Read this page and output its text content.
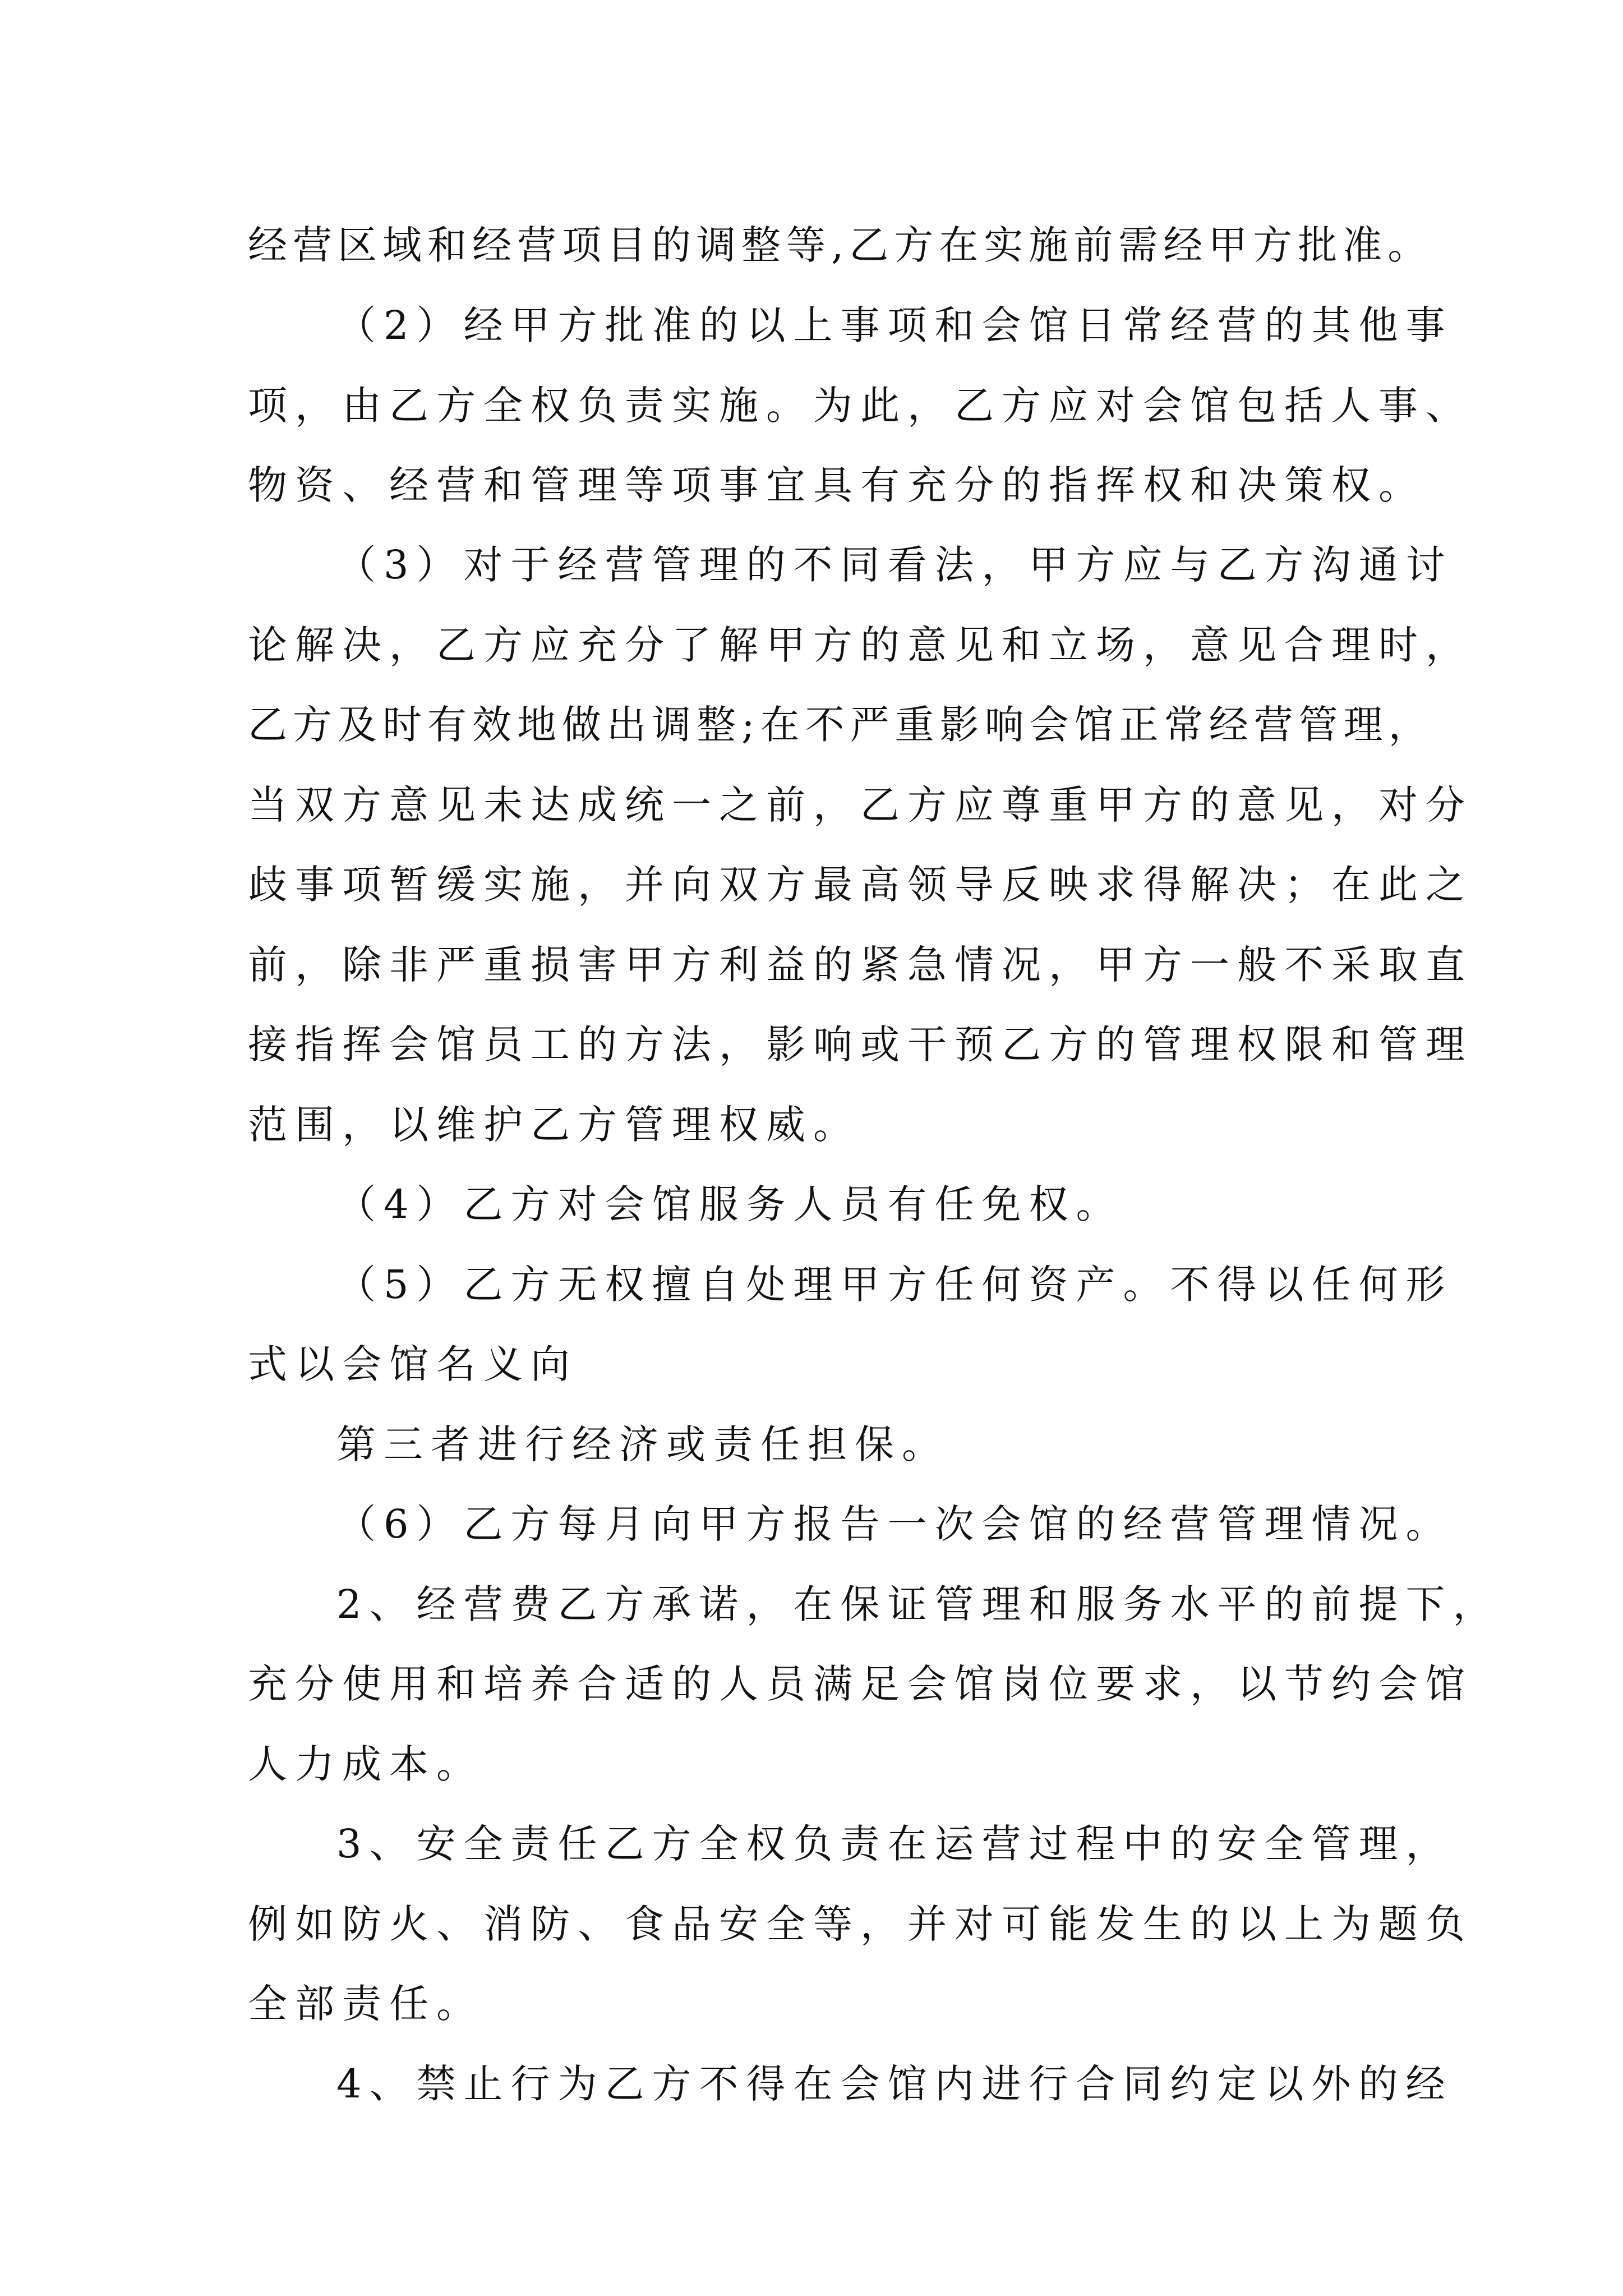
经营区域和经营项目的调整等,乙方在实施前需经甲方批准。
（2）经甲方批准的以上事项和会馆日常经营的其他事
项，由乙方全权负责实施。为此，乙方应对会馆包括人事、
物资、经营和管理等项事宜具有充分的指挥权和决策权。
（3）对于经营管理的不同看法，甲方应与乙方沟通讨
论解决，乙方应充分了解甲方的意见和立场，意见合理时，
乙方及时有效地做出调整;在不严重影响会馆正常经营管理，
当双方意见未达成统一之前，乙方应尊重甲方的意见，对分
歧事项暂缓实施，并向双方最高领导反映求得解决；在此之
前，除非严重损害甲方利益的紧急情况，甲方一般不采取直
接指挥会馆员工的方法，影响或干预乙方的管理权限和管理
范围，以维护乙方管理权威。
（4）乙方对会馆服务人员有任免权。
（5）乙方无权擅自处理甲方任何资产。不得以任何形
式以会馆名义向
第三者进行经济或责任担保。
（6）乙方每月向甲方报告一次会馆的经营管理情况。
2、经营费乙方承诺，在保证管理和服务水平的前提下，
充分使用和培养合适的人员满足会馆岗位要求，以节约会馆
人力成本。
3、安全责任乙方全权负责在运营过程中的安全管理，
例如防火、消防、食品安全等，并对可能发生的以上为题负
全部责任。
4、禁止行为乙方不得在会馆内进行合同约定以外的经
